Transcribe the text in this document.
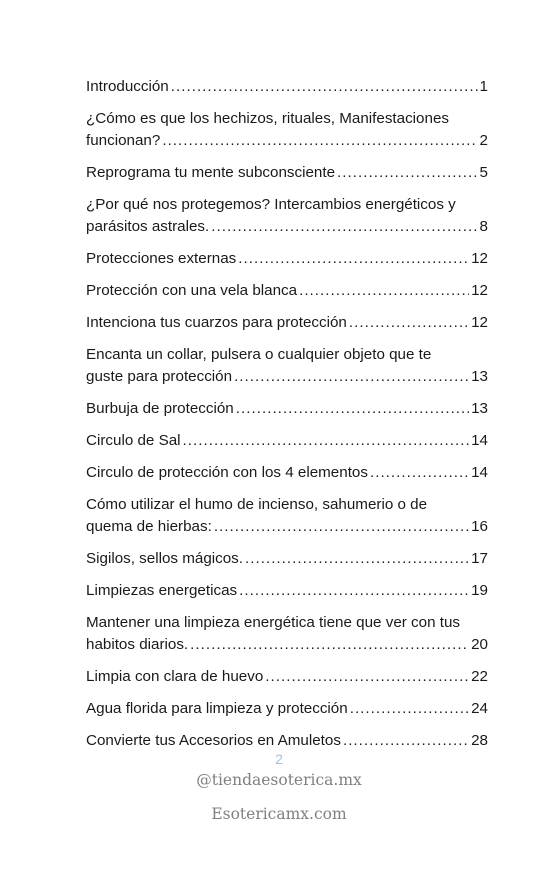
Introducción . . .	1
¿Cómo es que los hechizos, rituales, Manifestaciones
funcionan? . . .	2
Reprograma tu mente subconsciente . . .	5
¿Por qué nos protegemos? Intercambios energéticos y
parásitos astrales. . . .	8
Protecciones externas . . .	12
Protección con una vela blanca . . .	12
Intenciona tus cuarzos para protección . . .	12
Encanta un collar, pulsera o cualquier objeto que te
guste para protección . . .	13
Burbuja de protección . . .	13
Circulo de Sal . . .	14
Circulo de protección con los 4 elementos . . .	14
Cómo utilizar el humo de incienso, sahumerio o de
quema de hierbas: . . .	16
Sigilos, sellos mágicos. . . .	17
Limpiezas energeticas . . .	19
Mantener una limpieza energética tiene que ver con tus
habitos diarios. . . .	20
Limpia con clara de huevo . . .	22
Agua florida para limpieza y protección . . .	24
Convierte tus Accesorios en Amuletos . . .	28
2
@tiendaesoterica.mx
Esotericamx.com
